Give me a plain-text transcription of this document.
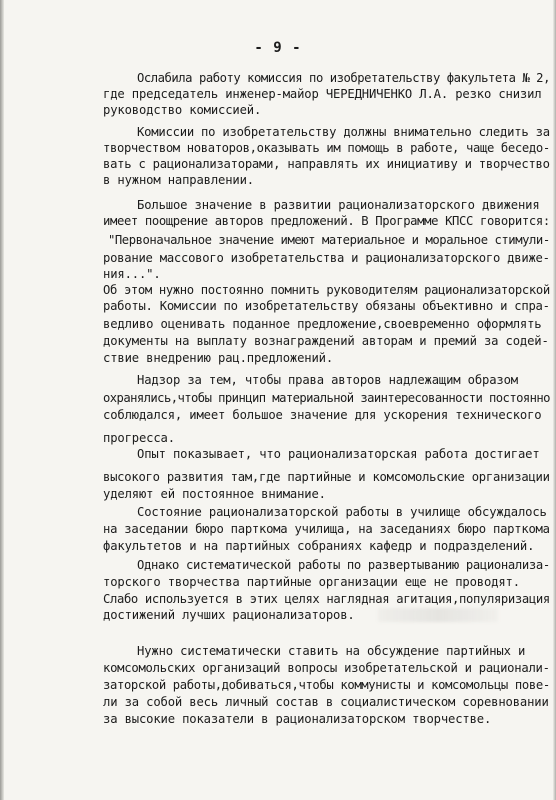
- 9 -
Ослабила работу комиссия по изобретательству факультета № 2,
где председатель инженер-майор ЧЕРЕДНИЧЕНКО Л.А. резко снизил
руководство комиссией.
Комиссии по изобретательству должны внимательно следить за
творчеством новаторов,оказывать им помощь в работе, чаще беседо-
вать с рационализаторами, направлять их инициативу и творчество
в нужном направлении.
Большое значение в развитии рационализаторского движения
имеет поощрение авторов предложений. В Программе КПСС говорится:
"Первоначальное значение имеют материальное и моральное стимули-
рование массового изобретательства и рационализаторского движе-
ния...".
Об этом нужно постоянно помнить руководителям рационализаторской
работы. Комиссии по изобретательству обязаны объективно и спра-
ведливо оценивать поданное предложение,своевременно оформлять
документы на выплату вознаграждений авторам и премий за содей-
ствие внедрению рац.предложений.
Надзор за тем, чтобы права авторов надлежащим образом
охранялись,чтобы принцип материальной заинтересованности постоянно
соблюдался, имеет большое значение для ускорения технического
прогресса.
Опыт показывает, что рационализаторская работа достигает
высокого развития там,где партийные и комсомольские организации
уделяют ей постоянное внимание.
Состояние рационализаторской работы в училище обсуждалось
на заседании бюро парткома училища, на заседаниях бюро парткома
факультетов и на партийных собраниях кафедр и подразделений.
Однако систематической работы по развертыванию рационализа-
торского творчества партийные организации еще не проводят.
Слабо используется в этих целях наглядная агитация,популяризация
достижений лучших рационализаторов.
Нужно систематически ставить на обсуждение партийных и
комсомольских организаций вопросы изобретательской и рационали-
заторской работы,добиваться,чтобы коммунисты и комсомольцы пове-
ли за собой весь личный состав в социалистическом соревновании
за высокие показатели в рационализаторском творчестве.
